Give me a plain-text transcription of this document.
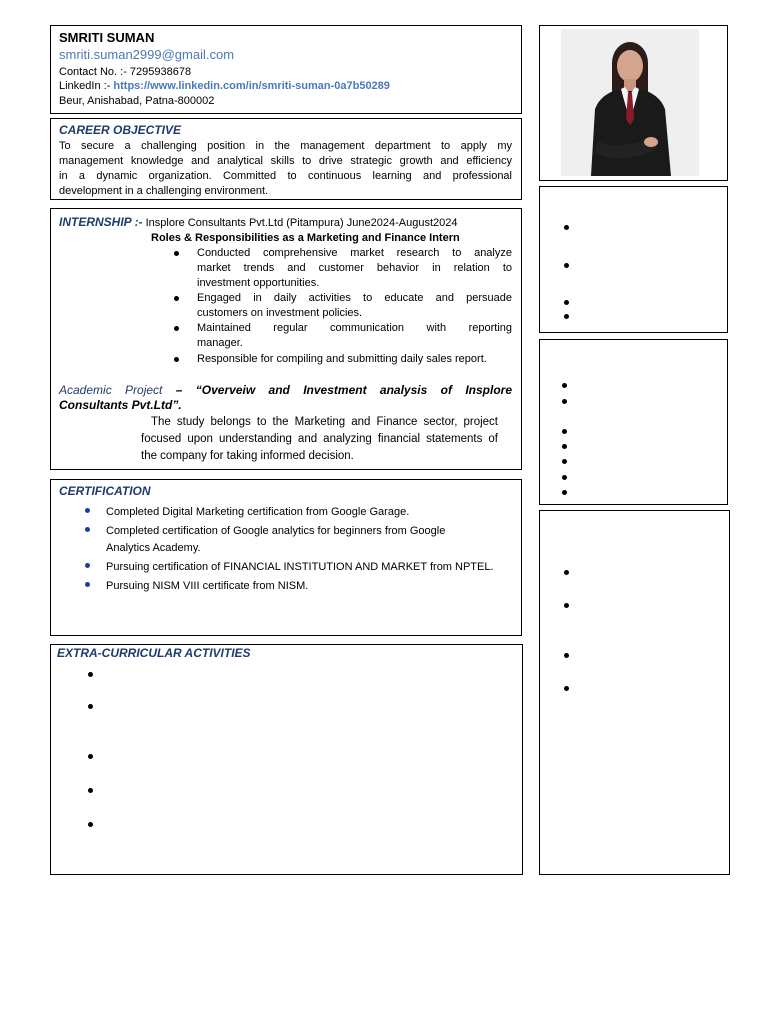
SMRITI SUMAN
smriti.suman2999@gmail.com
Contact No. :- 7295938678
LinkedIn :- https://www.linkedin.com/in/smriti-suman-0a7b50289
Beur, Anishabad, Patna-800002
CAREER OBJECTIVE
To secure a challenging position in the management department to apply my
management knowledge and analytical skills to drive strategic growth and efficiency
in a dynamic organization. Committed to continuous learning and professional
development in a challenging environment.
INTERNSHIP :- Insplore Consultants Pvt.Ltd (Pitampura) June2024-August2024
Roles & Responsibilities as a Marketing and Finance Intern
Conducted comprehensive market research to analyze
market trends and customer behavior in relation to
investment opportunities.
Engaged in daily activities to educate and persuade
customers on investment policies.
Maintained regular communication with reporting
manager.
Responsible for compiling and submitting daily sales report.
Academic Project – “Overveiw and Investment analysis of Insplore
Consultants Pvt.Ltd”.
The study belongs to the Marketing and Finance sector, project
focused upon understanding and analyzing financial statements of
the company for taking informed decision.
CERTIFICATION
Completed Digital Marketing certification from Google Garage.
Completed certification of Google analytics for beginners from Google
Analytics Academy.
Pursuing certification of FINANCIAL INSTITUTION AND MARKET from NPTEL.
Pursuing NISM VIII certificate from NISM.
EXTRA-CURRICULAR ACTIVITIES
